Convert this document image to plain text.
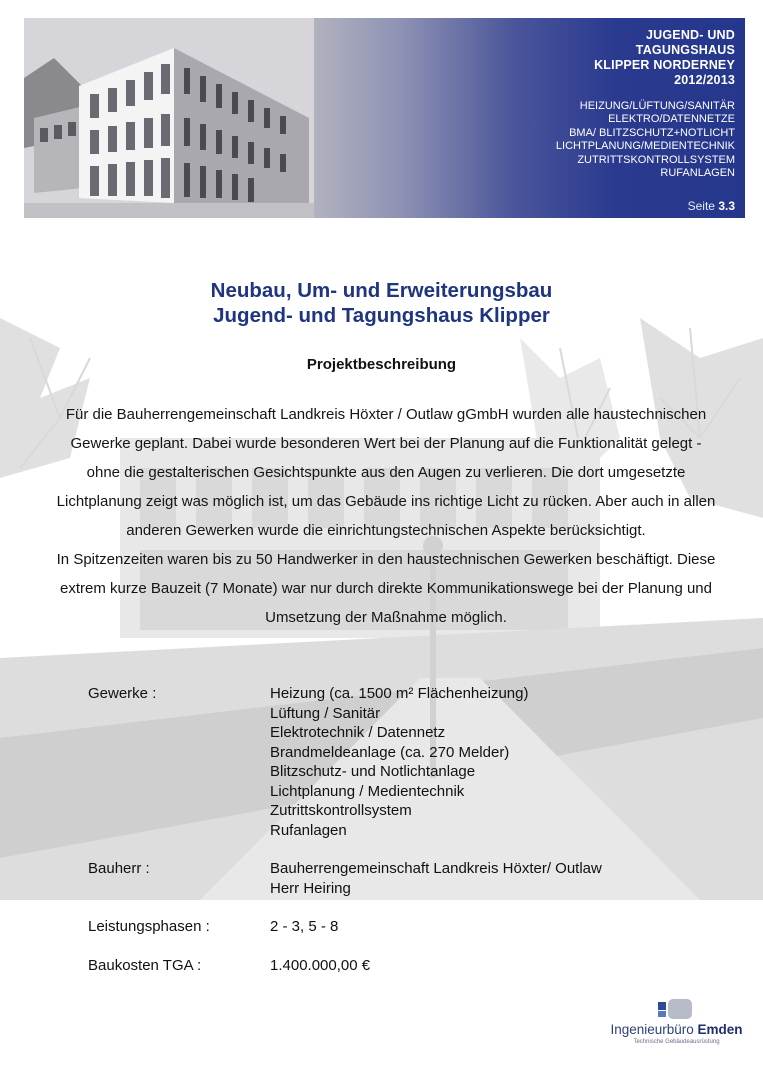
JUGEND- UND
TAGUNGSHAUS
KLIPPER NORDERNEY
2012/2013
HEIZUNG/LÜFTUNG/SANITÄR
ELEKTRO/DATENNETZE
BMA/ BLITZSCHUTZ+NOTLICHT
LICHTPLANUNG/MEDIENTECHNIK
ZUTRITTSKONTROLLSYSTEM
RUFANLAGEN
Seite 3.3
Neubau, Um- und Erweiterungsbau
Jugend- und Tagungshaus Klipper
Projektbeschreibung

Für die Bauherrengemeinschaft Landkreis Höxter / Outlaw gGmbH wurden alle haustechnischen Gewerke geplant. Dabei wurde besonderen Wert bei der Planung auf die Funktionalität gelegt - ohne die gestalterischen Gesichtspunkte aus den Augen zu verlieren. Die dort umgesetzte Lichtplanung zeigt was möglich ist, um das Gebäude ins richtige Licht zu rücken. Aber auch in allen anderen Gewerken wurde die einrichtungstechnischen Aspekte berücksichtigt.

In Spitzenzeiten waren bis zu 50 Handwerker in den haustechnischen Gewerken beschäftigt. Diese extrem kurze Bauzeit (7 Monate) war nur durch direkte Kommunikationswege bei der Planung und Umsetzung der Maßnahme möglich.

Gewerke :	Heizung (ca. 1500 m² Flächenheizung)
Lüftung / Sanitär
Elektrotechnik / Datennetz
Brandmeldeanlage (ca. 270 Melder)
Blitzschutz- und Notlichtanlage
Lichtplanung / Medientechnik
Zutrittskontrollsystem
Rufanlagen
Bauherr :	Bauherrengemeinschaft Landkreis Höxter/ Outlaw
Herr Heiring
Leistungsphasen :	2 - 3, 5 - 8
Baukosten TGA :	1.400.000,00 €
Ingenieurbüro Emden
Technische Gebäudeausrüstung
